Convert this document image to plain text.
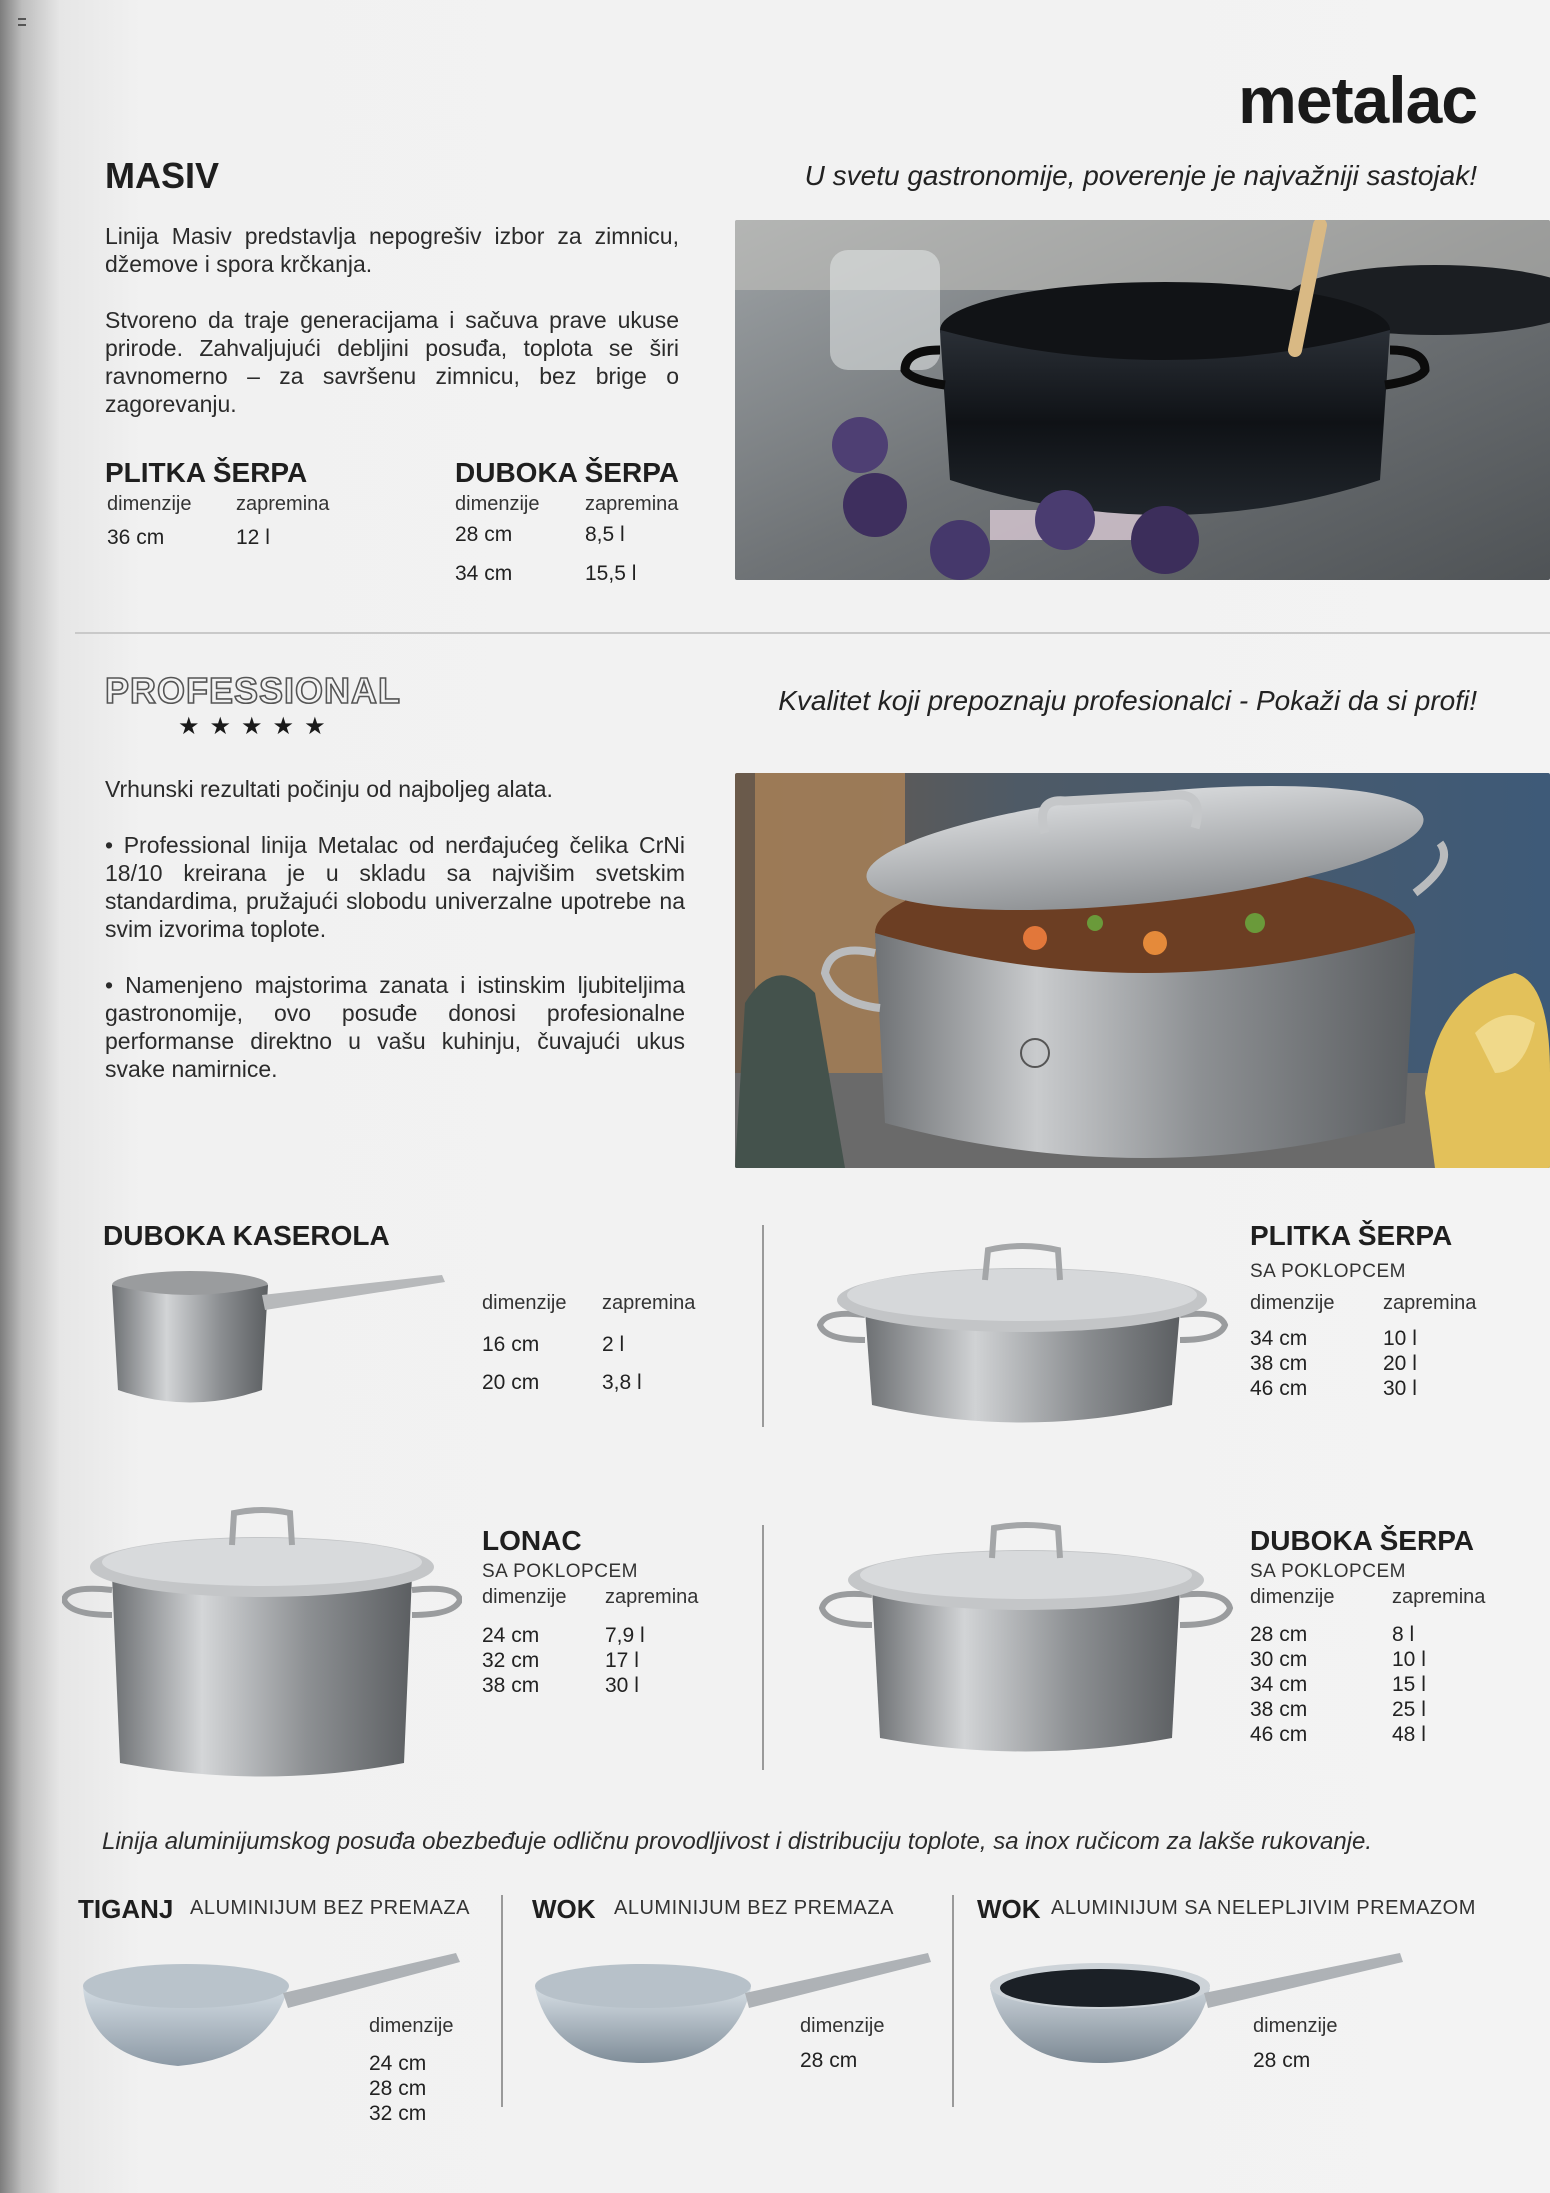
metalac
MASIV	U svetu gastronomije, poverenje je najvažniji sastojak!
Linija Masiv predstavlja nepogrešiv izbor za zimnicu, džemove i spora krčkanja.
Stvoreno da traje generacijama i sačuva prave ukuse prirode. Zahvaljujući debljini posuđa, toplota se širi ravnomerno – za savršenu zimnicu, bez brige o zagorevanju.
PLITKA ŠERPA
dimenzije zapremina
36 cm	12 l
DUBOKA ŠERPA
dimenzije zapremina
28 cm	8,5 l
34 cm	15,5 l
PROFESSIONAL
★★★★★
Kvalitet koji prepoznaju profesionalci - Pokaži da si profi!
Vrhunski rezultati počinju od najboljeg alata.
• Professional linija Metalac od nerđajućeg čelika CrNi 18/10 kreirana je u skladu sa najvišim svetskim standardima, pružajući slobodu univerzalne upotrebe na svim izvorima toplote.
• Namenjeno majstorima zanata i istinskim ljubiteljima gastronomije, ovo posuđe donosi profesionalne performanse direktno u vašu kuhinju, čuvajući ukus svake namirnice.
DUBOKA KASEROLA
dimenzije zapremina
16 cm	2 l
20 cm	3,8 l
PLITKA ŠERPA
SA POKLOPCEM
dimenzije zapremina
34 cm	10 l
38 cm	20 l
46 cm	30 l
LONAC
SA POKLOPCEM
dimenzije zapremina
24 cm	7,9 l
32 cm	17 l
38 cm	30 l
DUBOKA ŠERPA
SA POKLOPCEM
dimenzije	zapremina
28 cm	8 l
30 cm	10 l
34 cm	15 l
38 cm	25 l
46 cm	48 l
Linija aluminijumskog posuđa obezbeđuje odličnu provodljivost i distribuciju toplote, sa inox ručicom za lakše rukovanje.
TIGANJ ALUMINIJUM BEZ PREMAZA
dimenzije
24 cm
28 cm
32 cm
WOK ALUMINIJUM BEZ PREMAZA
dimenzije
28 cm
WOK ALUMINIJUM SA NELEPLJIVIM PREMAZOM
dimenzije
28 cm
